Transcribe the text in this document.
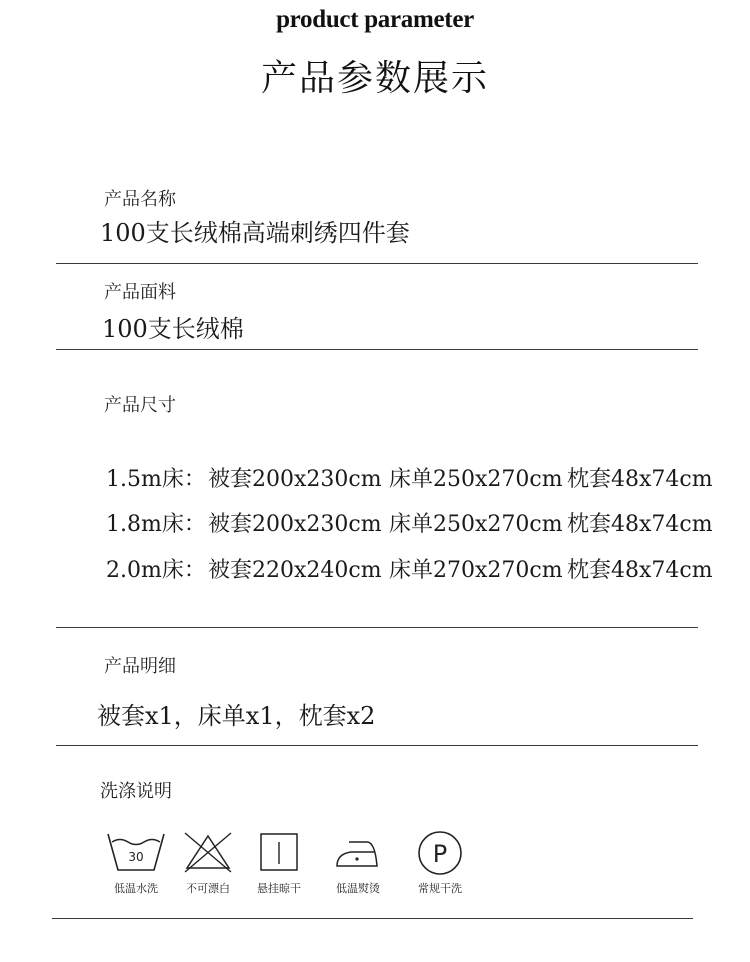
product parameter
产品参数展示
产品名称
100支长绒棉高端刺绣四件套
产品面料
100支长绒棉
产品尺寸
1.5m床：被套200x230cm 床单250x270cm 枕套48x74cm
1.8m床：被套200x230cm 床单250x270cm 枕套48x74cm
2.0m床：被套220x240cm 床单270x270cm 枕套48x74cm
产品明细
被套x1，床单x1，枕套x2
洗涤说明
30
低温水洗	不可漂白	悬挂晾干	低温熨烫
P
常规干洗
